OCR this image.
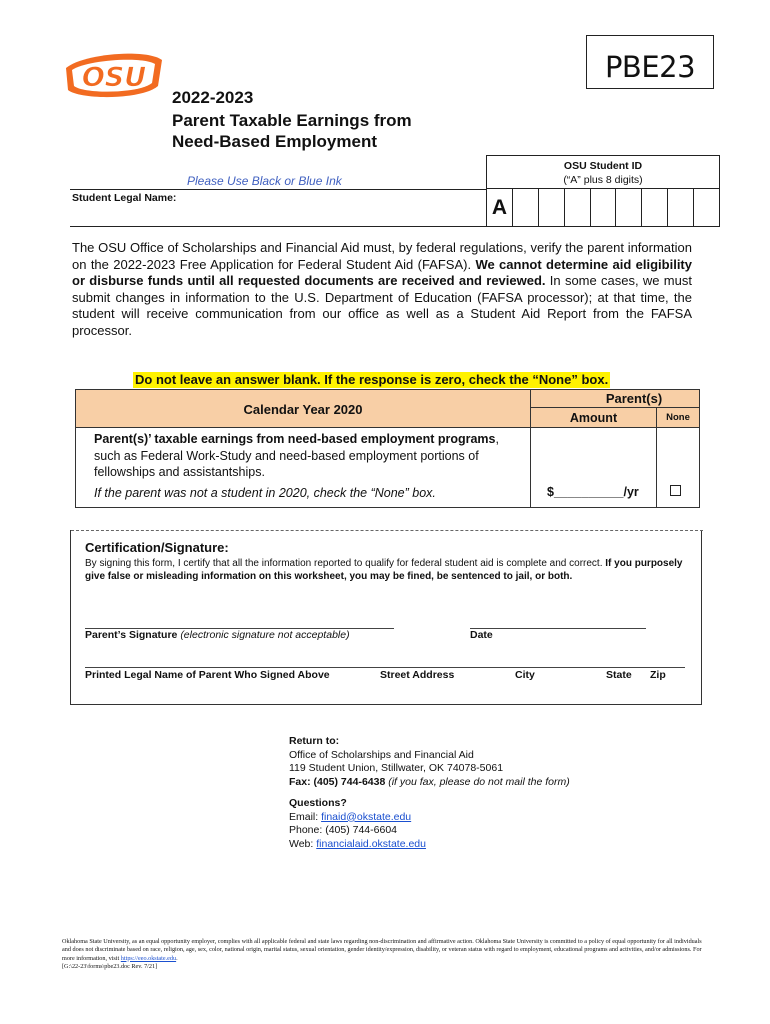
OSU	PBE23
2022-2023
Parent Taxable Earnings from
Need-Based Employment
Please Use Black or Blue Ink
OSU Student ID
(“A” plus 8 digits)
A
Student Legal Name:

The OSU Office of Scholarships and Financial Aid must, by federal regulations, verify the parent information on the 2022-2023 Free Application for Federal Student Aid (FAFSA). We cannot determine aid eligibility or disburse funds until all requested documents are received and reviewed. In some cases, we must submit changes in information to the U.S. Department of Education (FAFSA processor); at that time, the student will receive communication from our office as well as a Student Aid Report from the FAFSA processor.

Do not leave an answer blank. If the response is zero, check the “None” box.
Calendar Year 2020
Parent(s)
Amount	None
Parent(s)’ taxable earnings from need-based employment programs, such as Federal Work-Study and need-based employment portions of fellowships and assistantships.
If the parent was not a student in 2020, check the “None” box.	$__________/yr
Certification/Signature:
By signing this form, I certify that all the information reported to qualify for federal student aid is complete and correct. If you purposely give false or misleading information on this worksheet, you may be fined, be sentenced to jail, or both.
Parent’s Signature (electronic signature not acceptable)	Date
Printed Legal Name of Parent Who Signed Above	Street Address	City	State Zip
Return to:
Office of Scholarships and Financial Aid
119 Student Union, Stillwater, OK 74078-5061
Fax: (405) 744-6438 (if you fax, please do not mail the form)
Questions?
Email: finaid@okstate.edu
Phone: (405) 744-6604
Web: financialaid.okstate.edu
Oklahoma State University, as an equal opportunity employer, complies with all applicable federal and state laws regarding non-discrimination and affirmative action. Oklahoma State University is committed to a policy of equal opportunity for all individuals and does not discriminate based on race, religion, age, sex, color, national origin, marital status, sexual orientation, gender identity/expression, disability, or veteran status with regard to employment, educational programs and activities, and/or admissions. For more information, visit https://eeo.okstate.edu.
[G:\22-23\forms\pbe23.doc Rev. 7/21]
